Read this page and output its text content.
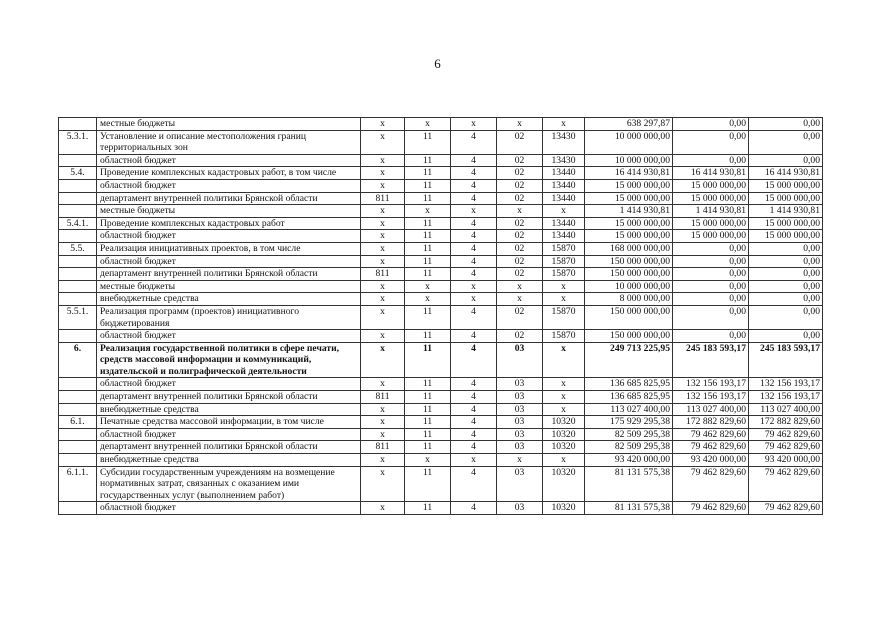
6
	местные бюджеты	х	х	х	х	х	638 297,87	0,00	0,00
5.3.1.	Установление и описание местоположения границ территориальных зон	х	11	4	02	13430	10 000 000,00	0,00	0,00
	областной бюджет	х	11	4	02	13430	10 000 000,00	0,00	0,00
5.4.	Проведение комплексных кадастровых работ, в том числе	х	11	4	02	13440	16 414 930,81	16 414 930,81	16 414 930,81
	областной бюджет	х	11	4	02	13440	15 000 000,00	15 000 000,00	15 000 000,00
	департамент внутренней политики Брянской области	811	11	4	02	13440	15 000 000,00	15 000 000,00	15 000 000,00
	местные бюджеты	х	х	х	х	х	1 414 930,81	1 414 930,81	1 414 930,81
5.4.1.	Проведение комплексных кадастровых работ	х	11	4	02	13440	15 000 000,00	15 000 000,00	15 000 000,00
	областной бюджет	х	11	4	02	13440	15 000 000,00	15 000 000,00	15 000 000,00
5.5.	Реализация инициативных проектов, в том числе	х	11	4	02	15870	168 000 000,00	0,00	0,00
	областной бюджет	х	11	4	02	15870	150 000 000,00	0,00	0,00
	департамент внутренней политики Брянской области	811	11	4	02	15870	150 000 000,00	0,00	0,00
	местные бюджеты	х	х	х	х	х	10 000 000,00	0,00	0,00
	внебюджетные средства	х	х	х	х	х	8 000 000,00	0,00	0,00
5.5.1.	Реализация программ (проектов) инициативного бюджетирования	х	11	4	02	15870	150 000 000,00	0,00	0,00
	областной бюджет	х	11	4	02	15870	150 000 000,00	0,00	0,00
6.	Реализация государственной политики в сфере печати, средств массовой информации и коммуникаций, издательской и полиграфической деятельности	х	11	4	03	х	249 713 225,95	245 183 593,17	245 183 593,17
	областной бюджет	х	11	4	03	х	136 685 825,95	132 156 193,17	132 156 193,17
	департамент внутренней политики Брянской области	811	11	4	03	х	136 685 825,95	132 156 193,17	132 156 193,17
	внебюджетные средства	х	11	4	03	х	113 027 400,00	113 027 400,00	113 027 400,00
6.1.	Печатные средства массовой информации, в том числе	х	11	4	03	10320	175 929 295,38	172 882 829,60	172 882 829,60
	областной бюджет	х	11	4	03	10320	82 509 295,38	79 462 829,60	79 462 829,60
	департамент внутренней политики Брянской области	811	11	4	03	10320	82 509 295,38	79 462 829,60	79 462 829,60
	внебюджетные средства	х	х	х	х	х	93 420 000,00	93 420 000,00	93 420 000,00
6.1.1.	Субсидии государственным учреждениям на возмещение нормативных затрат, связанных с оказанием ими государственных услуг (выполнением работ)	х	11	4	03	10320	81 131 575,38	79 462 829,60	79 462 829,60
	областной бюджет	х	11	4	03	10320	81 131 575,38	79 462 829,60	79 462 829,60
